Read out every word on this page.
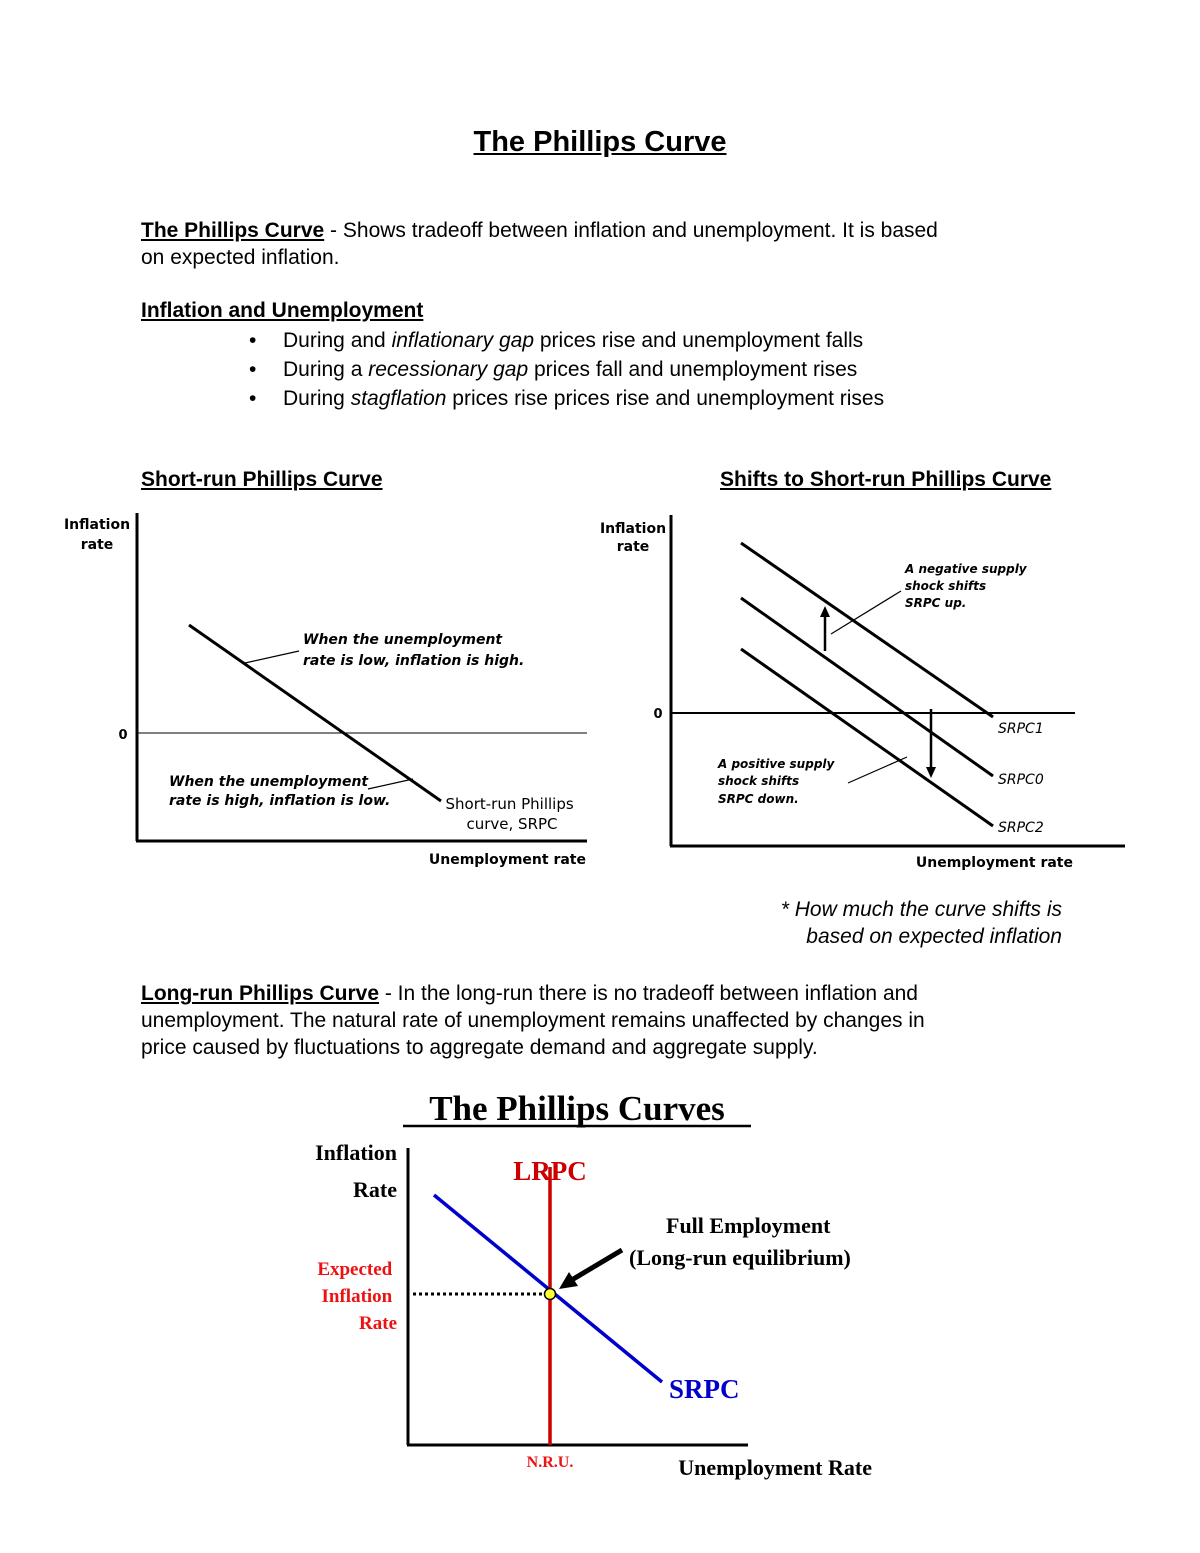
The Phillips Curve
The Phillips Curve - Shows tradeoff between inflation and unemployment. It is based
on expected inflation.
Inflation and Unemployment
• During and inflationary gap prices rise and unemployment falls
• During a recessionary gap prices fall and unemployment rises
• During stagflation prices rise prices rise and unemployment rises
Short-run Phillips Curve	Shifts to Short-run Phillips Curve
Inflation
rate
0
When the unemployment rate is low, inflation is high.
When the unemployment rate is high, inflation is low.	Short-run Phillips curve, SRPC
Unemployment rate
Inflation
rate
0
SRPC1
SRPC0
SRPC2
A negative supply shock shifts SRPC up.
A positive supply shock shifts SRPC down.
Unemployment rate
* How much the curve shifts is
based on expected inflation
Long-run Phillips Curve - In the long-run there is no tradeoff between inflation and
unemployment. The natural rate of unemployment remains unaffected by changes in
price caused by fluctuations to aggregate demand and aggregate supply.
The Phillips Curves
Inflation
Rate
LRPC
SRPC
Full Employment (Long-run equilibrium)
Expected Inflation Rate
N.R.U.	Unemployment Rate
